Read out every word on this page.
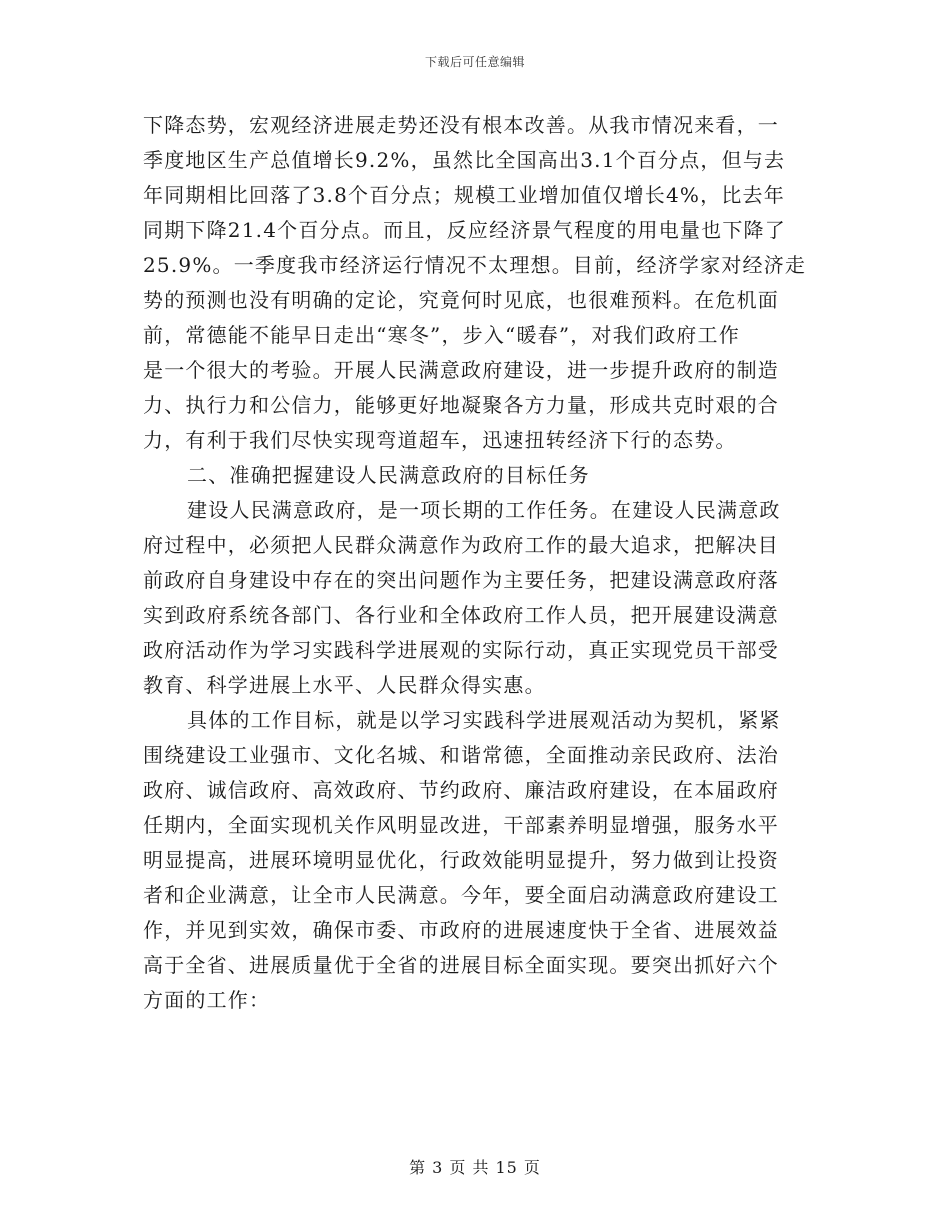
下载后可任意编辑
下降态势，宏观经济进展走势还没有根本改善。从我市情况来看，一
季度地区生产总值增长9.2%，虽然比全国高出3.1个百分点，但与去
年同期相比回落了3.8个百分点；规模工业增加值仅增长4%，比去年
同期下降21.4个百分点。而且，反应经济景气程度的用电量也下降了
25.9%。一季度我市经济运行情况不太理想。目前，经济学家对经济走
势的预测也没有明确的定论，究竟何时见底，也很难预料。在危机面
前，常德能不能早日走出“寒冬”，步入“暖春”，对我们政府工作
是一个很大的考验。开展人民满意政府建设，进一步提升政府的制造
力、执行力和公信力，能够更好地凝聚各方力量，形成共克时艰的合
力，有利于我们尽快实现弯道超车，迅速扭转经济下行的态势。
二、准确把握建设人民满意政府的目标任务
建设人民满意政府，是一项长期的工作任务。在建设人民满意政
府过程中，必须把人民群众满意作为政府工作的最大追求，把解决目
前政府自身建设中存在的突出问题作为主要任务，把建设满意政府落
实到政府系统各部门、各行业和全体政府工作人员，把开展建设满意
政府活动作为学习实践科学进展观的实际行动，真正实现党员干部受
教育、科学进展上水平、人民群众得实惠。
具体的工作目标，就是以学习实践科学进展观活动为契机，紧紧
围绕建设工业强市、文化名城、和谐常德，全面推动亲民政府、法治
政府、诚信政府、高效政府、节约政府、廉洁政府建设，在本届政府
任期内，全面实现机关作风明显改进，干部素养明显增强，服务水平
明显提高，进展环境明显优化，行政效能明显提升，努力做到让投资
者和企业满意，让全市人民满意。今年，要全面启动满意政府建设工
作，并见到实效，确保市委、市政府的进展速度快于全省、进展效益
高于全省、进展质量优于全省的进展目标全面实现。要突出抓好六个
方面的工作：
第 3 页 共 15 页
